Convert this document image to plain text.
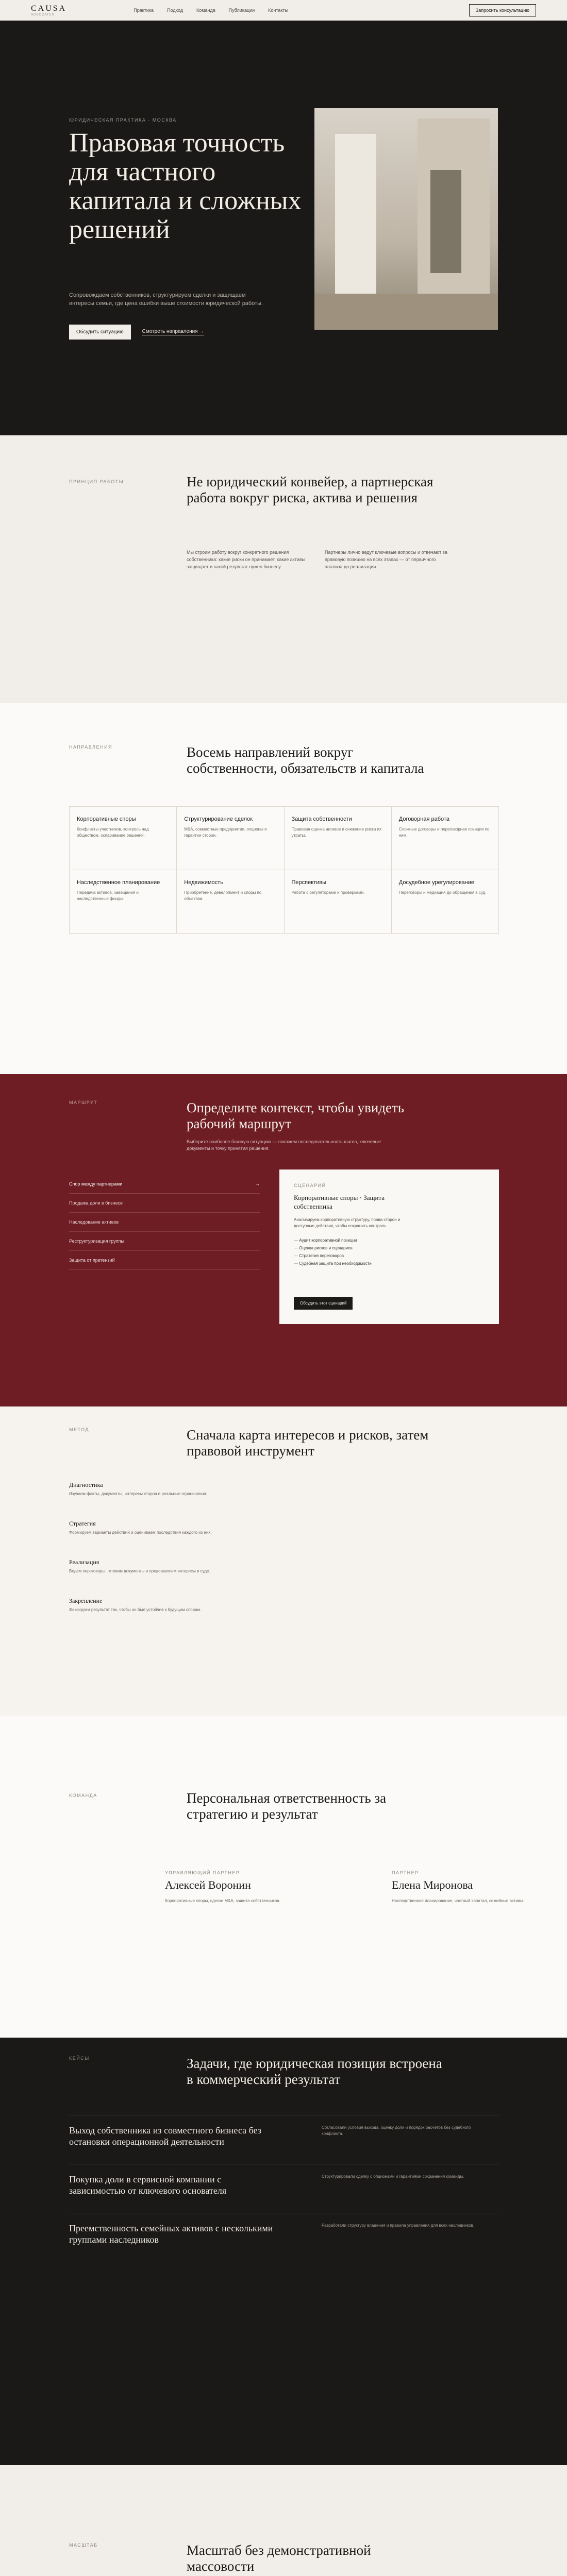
CAUSA
ADVOCATES
Практика	Подход	Команда	Публикации	Контакты	Запросить консультацию
ЮРИДИЧЕСКАЯ ПРАКТИКА · МОСКВА
Правовая точность для частного капитала и сложных решений

Сопровождаем собственников, структурируем сделки и защищаем интересы семьи, где цена ошибки выше стоимости юридической работы.

Обсудить ситуацию	Смотреть направления →
ПРИНЦИП РАБОТЫ	Не юридический конвейер, а партнерская работа вокруг риска, актива и решения

Мы строим работу вокруг конкретного решения собственника: какие риски он принимает, какие активы защищает и какой результат нужен бизнесу.

Партнеры лично ведут ключевые вопросы и отвечают за правовую позицию на всех этапах — от первичного анализа до реализации.

НАПРАВЛЕНИЯ	Восемь направлений вокруг собственности, обязательств и капитала
Корпоративные споры

Конфликты участников, контроль над обществом, оспаривание решений.

Структурирование сделок

M&A, совместные предприятия, опционы и гарантии сторон.

Защита собственности

Правовая оценка активов и снижение риска их утраты.

Договорная работа

Сложные договоры и переговорная позиция по ним.

Наследственное планирование

Передача активов, завещания и наследственные фонды.

Недвижимость

Приобретение, девелопмент и споры по объектам.

Перспективы

Работа с регуляторами и проверками.

Досудебное урегулирование

Переговоры и медиация до обращения в суд.

МАРШРУТ	Определите контекст, чтобы увидеть рабочий маршрут

Выберите наиболее близкую ситуацию — покажем последовательность шагов, ключевые документы и точку принятия решения.

Спор между партнерами	→
Продажа доли в бизнесе
Наследование активов
Реструктуризация группы
Защита от претензий
СЦЕНАРИЙ
Корпоративные споры · Защита собственника

Анализируем корпоративную структуру, права сторон и доступные действия, чтобы сохранить контроль.

— Аудит корпоративной позиции
— Оценка рисков и сценариев
— Стратегия переговоров
— Судебная защита при необходимости
Обсудить этот сценарий
МЕТОД	Сначала карта интересов и рисков, затем правовой инструмент
Диагностика

Изучаем факты, документы, интересы сторон и реальные ограничения.

Стратегия

Формируем варианты действий и оцениваем последствия каждого из них.

Реализация

Ведём переговоры, готовим документы и представляем интересы в суде.

Закрепление

Фиксируем результат так, чтобы он был устойчив к будущим спорам.

КОМАНДА	Персональная ответственность за стратегию и результат
УПРАВЛЯЮЩИЙ ПАРТНЕР
Алексей Воронин

Корпоративные споры, сделки M&A, защита собственников.

ПАРТНЕР
Елена Миронова

Наследственное планирование, частный капитал, семейные активы.

КЕЙСЫ	Задачи, где юридическая позиция встроена в коммерческий результат
Выход собственника из совместного бизнеса без остановки операционной деятельности

Согласовали условия выхода, оценку доли и порядок расчетов без судебного конфликта.

Покупка доли в сервисной компании с зависимостью от ключевого основателя

Структурировали сделку с опционами и гарантиями сохранения команды.

Преемственность семейных активов с несколькими группами наследников

Разработали структуру владения и правила управления для всех наследников.

МАСШТАБ	Масштаб без демонстративной массовости
